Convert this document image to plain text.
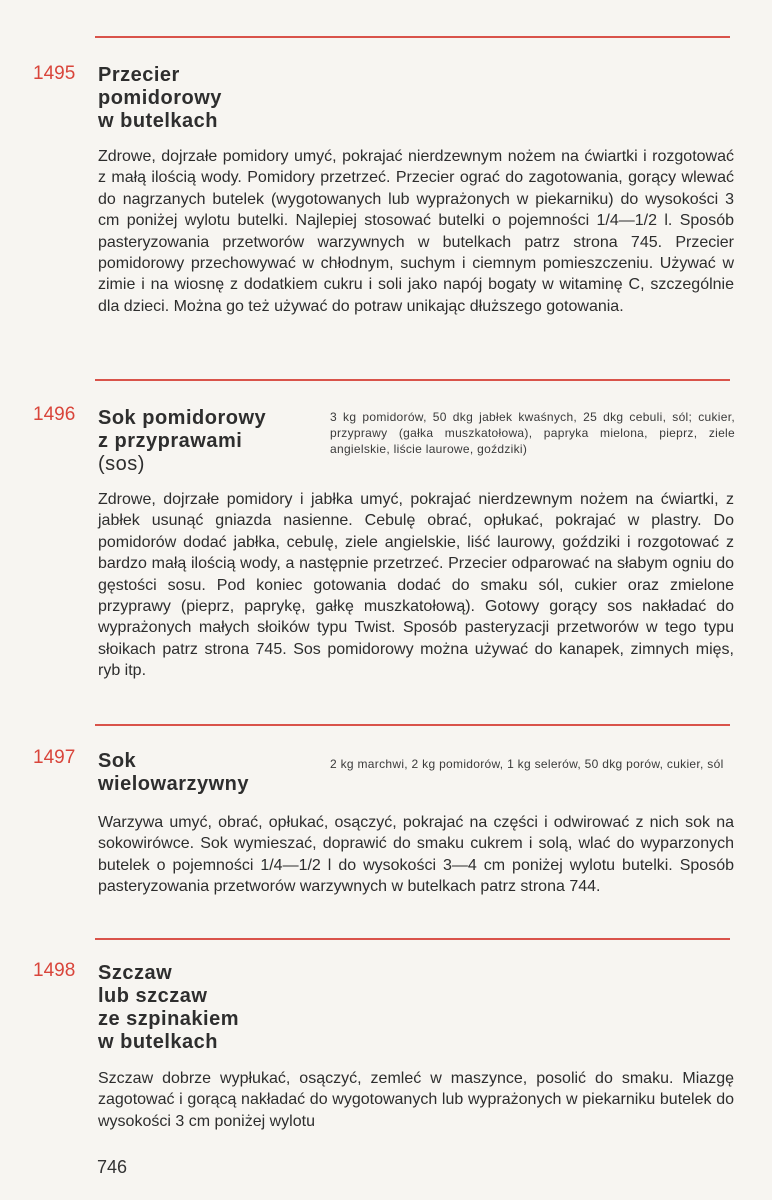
1495 Przecier
pomidorowy
w butelkach
Zdrowe, dojrzałe pomidory umyć, pokrajać nierdzewnym nożem na ćwiartki i rozgotować z małą ilością wody. Pomidory przetrzeć. Przecier ograć do zagotowania, gorący wlewać do nagrzanych butelek (wygotowanych lub wyprażonych w piekarniku) do wysokości 3 cm poniżej wylotu butelki. Najlepiej stosować butelki o pojemności 1/4—1/2 l. Sposób pasteryzowania przetworów warzywnych w butelkach patrz strona 745. Przecier pomidorowy przechowywać w chłodnym, suchym i ciemnym pomieszczeniu. Używać w zimie i na wiosnę z dodatkiem cukru i soli jako napój bogaty w witaminę C, szczególnie dla dzieci. Można go też używać do potraw unikając dłuższego gotowania.
1496 Sok pomidorowy
z przyprawami
(sos)
3 kg pomidorów, 50 dkg jabłek kwaśnych, 25 dkg cebuli, sól; cukier, przyprawy (gałka muszkatołowa), papryka mielona, pieprz, ziele angielskie, liście laurowe, goździki)
Zdrowe, dojrzałe pomidory i jabłka umyć, pokrajać nierdzewnym nożem na ćwiartki, z jabłek usunąć gniazda nasienne. Cebulę obrać, opłukać, pokrajać w plastry. Do pomidorów dodać jabłka, cebulę, ziele angielskie, liść laurowy, goździki i rozgotować z bardzo małą ilością wody, a następnie przetrzeć. Przecier odparować na słabym ogniu do gęstości sosu. Pod koniec gotowania dodać do smaku sól, cukier oraz zmielone przyprawy (pieprz, paprykę, gałkę muszkatołową). Gotowy gorący sos nakładać do wyprażonych małych słoików typu Twist. Sposób pasteryzacji przetworów w tego typu słoikach patrz strona 745. Sos pomidorowy można używać do kanapek, zimnych mięs, ryb itp.
1497 Sok
wielowarzywny
2 kg marchwi, 2 kg pomidorów, 1 kg selerów, 50 dkg porów, cukier, sól
Warzywa umyć, obrać, opłukać, osączyć, pokrajać na części i odwirować z nich sok na sokowirówce. Sok wymieszać, doprawić do smaku cukrem i solą, wlać do wyparzonych butelek o pojemności 1/4—1/2 l do wysokości 3—4 cm poniżej wylotu butelki. Sposób pasteryzowania przetworów warzywnych w butelkach patrz strona 744.
1498 Szczaw
lub szczaw
ze szpinakiem
w butelkach
Szczaw dobrze wypłukać, osączyć, zemleć w maszynce, posolić do smaku. Miazgę zagotować i gorącą nakładać do wygotowanych lub wyprażonych w piekarniku butelek do wysokości 3 cm poniżej wylotu
746
